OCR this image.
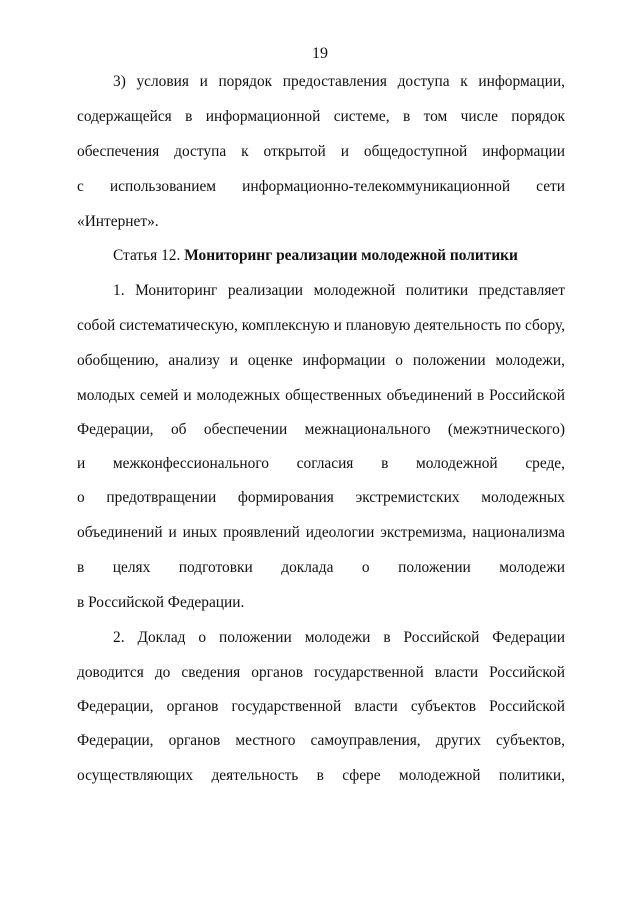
19
3) условия и порядок предоставления доступа к информации,
содержащейся в информационной системе, в том числе порядок
обеспечения доступа к открытой и общедоступной информации
с использованием информационно-телекоммуникационной сети
«Интернет».
Статья 12. Мониторинг реализации молодежной политики
1. Мониторинг реализации молодежной политики представляет
собой систематическую, комплексную и плановую деятельность по сбору,
обобщению, анализу и оценке информации о положении молодежи,
молодых семей и молодежных общественных объединений в Российской
Федерации, об обеспечении межнационального (межэтнического)
и межконфессионального согласия в молодежной среде,
о предотвращении формирования экстремистских молодежных
объединений и иных проявлений идеологии экстремизма, национализма
в целях подготовки доклада о положении молодежи
в Российской Федерации.
2. Доклад о положении молодежи в Российской Федерации
доводится до сведения органов государственной власти Российской
Федерации, органов государственной власти субъектов Российской
Федерации, органов местного самоуправления, других субъектов,
осуществляющих деятельность в сфере молодежной политики,
